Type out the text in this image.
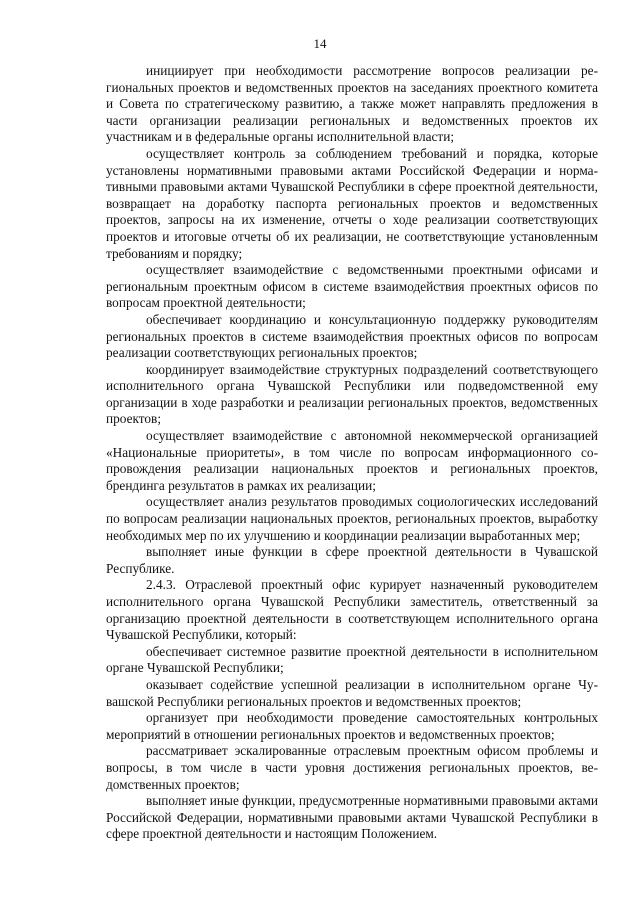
14

инициирует при необходимости рассмотрение вопросов реализации региональных проектов и ведомственных проектов на заседаниях проектного комитета и Совета по стратегическому развитию, а также может направлять предложения в части организации реализации региональных и ведомственных проектов их участникам и в федеральные органы исполнительной власти;

осуществляет контроль за соблюдением требований и порядка, которые установлены нормативными правовыми актами Российской Федерации и нормативными правовыми актами Чувашской Республики в сфере проектной деятельности, возвращает на доработку паспорта региональных проектов и ведомственных проектов, запросы на их изменение, отчеты о ходе реализации соответствующих проектов и итоговые отчеты об их реализации, не соответствующие установленным требованиям и порядку;

осуществляет взаимодействие с ведомственными проектными офисами и региональным проектным офисом в системе взаимодействия проектных офисов по вопросам проектной деятельности;

обеспечивает координацию и консультационную поддержку руководителям региональных проектов в системе взаимодействия проектных офисов по вопросам реализации соответствующих региональных проектов;

координирует взаимодействие структурных подразделений соответствующего исполнительного органа Чувашской Республики или подведомственной ему организации в ходе разработки и реализации региональных проектов, ведомственных проектов;

осуществляет взаимодействие с автономной некоммерческой организацией «Национальные приоритеты», в том числе по вопросам информационного сопровождения реализации национальных проектов и региональных проектов, брендинга результатов в рамках их реализации;

осуществляет анализ результатов проводимых социологических исследований по вопросам реализации национальных проектов, региональных проектов, выработку необходимых мер по их улучшению и координации реализации выработанных мер;

выполняет иные функции в сфере проектной деятельности в Чувашской Республике.

2.4.3. Отраслевой проектный офис курирует назначенный руководителем исполнительного органа Чувашской Республики заместитель, ответственный за организацию проектной деятельности в соответствующем исполнительного органа Чувашской Республики, который:

обеспечивает системное развитие проектной деятельности в исполнительном органе Чувашской Республики;

оказывает содействие успешной реализации в исполнительном органе Чувашской Республики региональных проектов и ведомственных проектов;

организует при необходимости проведение самостоятельных контрольных мероприятий в отношении региональных проектов и ведомственных проектов;

рассматривает эскалированные отраслевым проектным офисом проблемы и вопросы, в том числе в части уровня достижения региональных проектов, ведомственных проектов;

выполняет иные функции, предусмотренные нормативными правовыми актами Российской Федерации, нормативными правовыми актами Чувашской Республики в сфере проектной деятельности и настоящим Положением.
